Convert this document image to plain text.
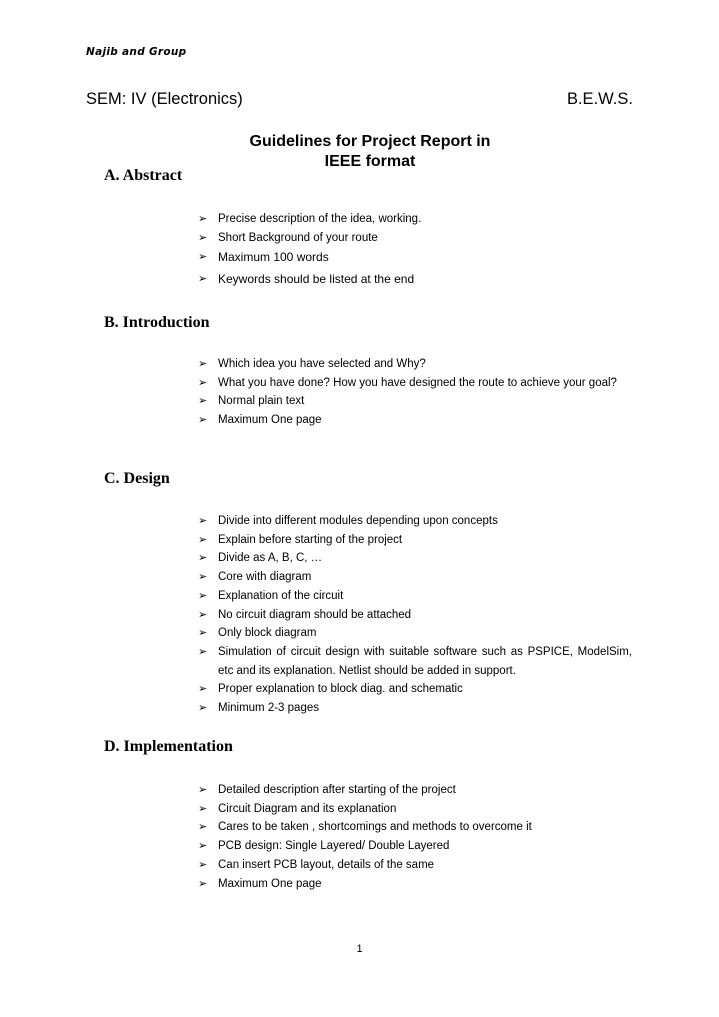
Najib and Group
SEM: IV (Electronics)	B.E.W.S.
Guidelines for Project Report in
IEEE format
A. Abstract
➢ Precise description of the idea, working.
➢ Short Background of your route
➢ Maximum 100 words
➢ Keywords should be listed at the end
B. Introduction
➢ Which idea you have selected and Why?
➢ What you have done? How you have designed the route to achieve your goal?
➢ Normal plain text
➢ Maximum One page
C. Design
➢ Divide into different modules depending upon concepts
➢ Explain before starting of the project
➢ Divide as A, B, C, …
➢ Core with diagram
➢ Explanation of the circuit
➢ No circuit diagram should be attached
➢ Only block diagram
➢ Simulation of circuit design with suitable software such as PSPICE, ModelSim, etc and its explanation. Netlist should be added in support.
➢ Proper explanation to block diag. and schematic
➢ Minimum 2-3 pages
D. Implementation
➢ Detailed description after starting of the project
➢ Circuit Diagram and its explanation
➢ Cares to be taken , shortcomings and methods to overcome it
➢ PCB design: Single Layered/ Double Layered
➢ Can insert PCB layout, details of the same
➢ Maximum One page
1
